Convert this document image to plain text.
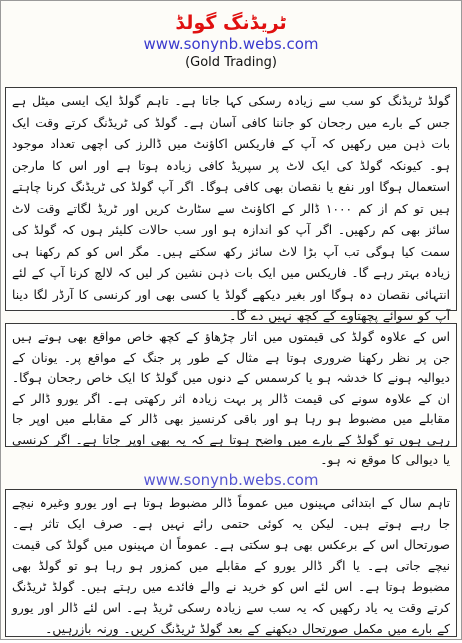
ٹریڈنگ گولڈ
www.sonynb.webs.com
(Gold Trading)
گولڈ ٹریڈنگ کو سب سے زیادہ رسکی کہا جاتا ہے۔ تاہم گولڈ ایک ایسی میٹل ہے جس کے بارے میں رجحان کو جاننا کافی آسان ہے۔ گولڈ کی ٹریڈنگ کرتے وقت ایک بات ذہن میں رکھیں کہ آپ کے فاریکس اکاؤنٹ میں ڈالرز کی اچھی تعداد موجود ہو۔ کیونکہ گولڈ کی ایک لاٹ پر سپریڈ کافی زیادہ ہوتا ہے اور اس کا مارجن استعمال ہوگا اور نفع یا نقصان بھی کافی ہوگا۔ اگر آپ گولڈ کی ٹریڈنگ کرنا چاہتے ہیں تو کم از کم ۱۰۰۰ ڈالر کے اکاؤنٹ سے سٹارٹ کریں اور ٹریڈ لگاتے وقت لاٹ سائز بھی کم رکھیں۔ اگر آپ کو اندازہ ہو اور سب حالات کلیئر ہوں کہ گولڈ کی سمت کیا ہوگی تب آپ بڑا لاٹ سائز رکھ سکتے ہیں۔ مگر اس کو کم رکھنا ہی زیادہ بہتر رہے گا۔ فاریکس میں ایک بات ذہن نشین کر لیں کہ لالچ کرنا آپ کے لئے انتہائی نقصان دہ ہوگا اور بغیر دیکھے گولڈ یا کسی بھی اور کرنسی کا آرڈر لگا دینا آپ کو سوائے پچھتاوے کے کچھ نہیں دے گا۔
اس کے علاوہ گولڈ کی قیمتوں میں اتار چڑھاؤ کے کچھ خاص مواقع بھی ہوتے ہیں جن پر نظر رکھنا ضروری ہوتا ہے مثال کے طور پر جنگ کے مواقع پر۔ یونان کے دیوالیہ ہونے کا خدشہ ہو یا کرسمس کے دنوں میں گولڈ کا ایک خاص رجحان ہوگا۔ ان کے علاوہ سونے کی قیمت ڈالر پر بہت زیادہ اثر رکھتی ہے۔ اگر یورو ڈالر کے مقابلے میں مضبوط ہو رہا ہو اور باقی کرنسیز بھی ڈالر کے مقابلے میں اوپر جا رہی ہوں تو گولڈ کے بارے میں واضح ہوتا ہے کہ یہ بھی اوپر جاتا ہے۔ اگر کرنسی یا دیوالی کا موقع نہ ہو۔
www.sonynb.webs.com
تاہم سال کے ابتدائی مہینوں میں عموماً ڈالر مضبوط ہوتا ہے اور یورو وغیرہ نیچے جا رہے ہوتے ہیں۔ لیکن یہ کوئی حتمی رائے نہیں ہے۔ صرف ایک تاثر ہے۔ صورتحال اس کے برعکس بھی ہو سکتی ہے۔ عموماً ان مہینوں میں گولڈ کی قیمت نیچے جاتی ہے۔ یا اگر ڈالر یورو کے مقابلے میں کمزور ہو رہا ہو تو گولڈ بھی مضبوط ہوتا ہے۔ اس لئے اس کو خرید نے والے فائدے میں رہتے ہیں۔ گولڈ ٹریڈنگ کرتے وقت یہ یاد رکھیں کہ یہ سب سے زیادہ رسکی ٹریڈ ہے۔ اس لئے ڈالر اور یورو کے بارے میں مکمل صورتحال دیکھنے کے بعد گولڈ ٹریڈنگ کریں۔ ورنہ بازرہیں۔
